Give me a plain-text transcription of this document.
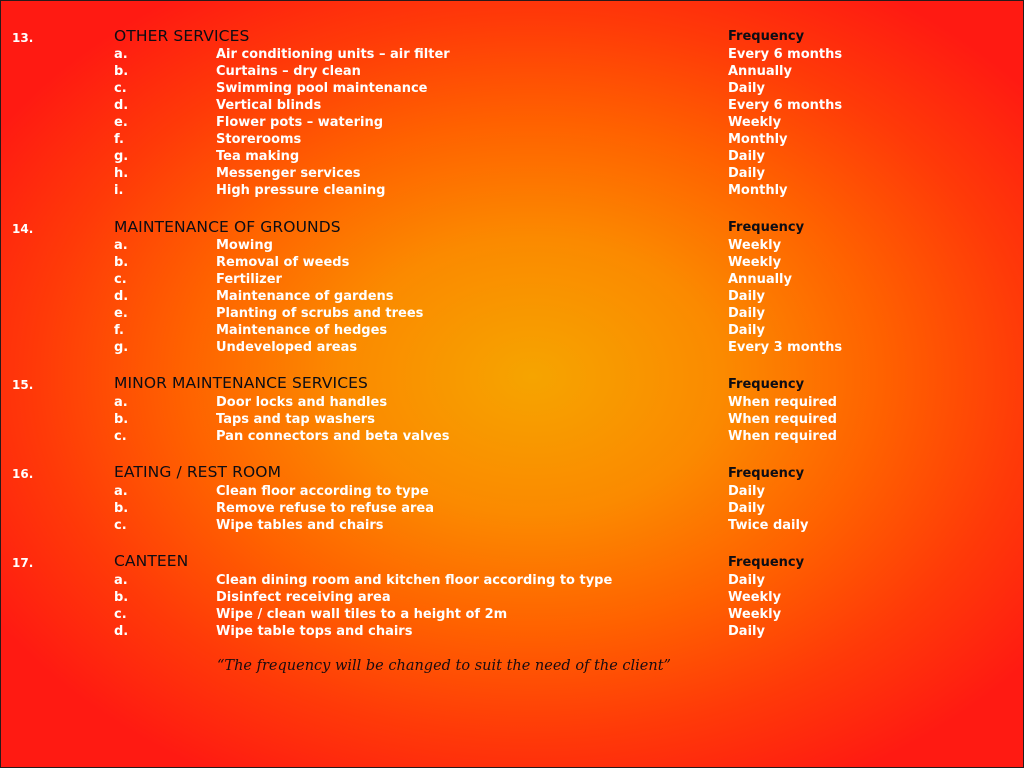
13.	OTHER SERVICES	Frequency
a.	Air conditioning units – air filter	Every 6 months
b.	Curtains – dry clean	Annually
c.	Swimming pool maintenance	Daily
d.	Vertical blinds	Every 6 months
e.	Flower pots – watering	Weekly
f.	Storerooms	Monthly
g.	Tea making	Daily
h.	Messenger services	Daily
i.	High pressure cleaning	Monthly
14.	MAINTENANCE OF GROUNDS	Frequency
a.	Mowing	Weekly
b.	Removal of weeds	Weekly
c.	Fertilizer	Annually
d.	Maintenance of gardens	Daily
e.	Planting of scrubs and trees	Daily
f.	Maintenance of hedges	Daily
g.	Undeveloped areas	Every 3 months
15.	MINOR MAINTENANCE SERVICES	Frequency
a.	Door locks and handles	When required
b.	Taps and tap washers	When required
c.	Pan connectors and beta valves	When required
16.	EATING / REST ROOM	Frequency
a.	Clean floor according to type	Daily
b.	Remove refuse to refuse area	Daily
c.	Wipe tables and chairs	Twice daily
17.	CANTEEN	Frequency
a.	Clean dining room and kitchen floor according to type	Daily
b.	Disinfect receiving area	Weekly
c.	Wipe / clean wall tiles to a height of 2m	Weekly
d.	Wipe table tops and chairs	Daily
“The frequency will be changed to suit the need of the client”
